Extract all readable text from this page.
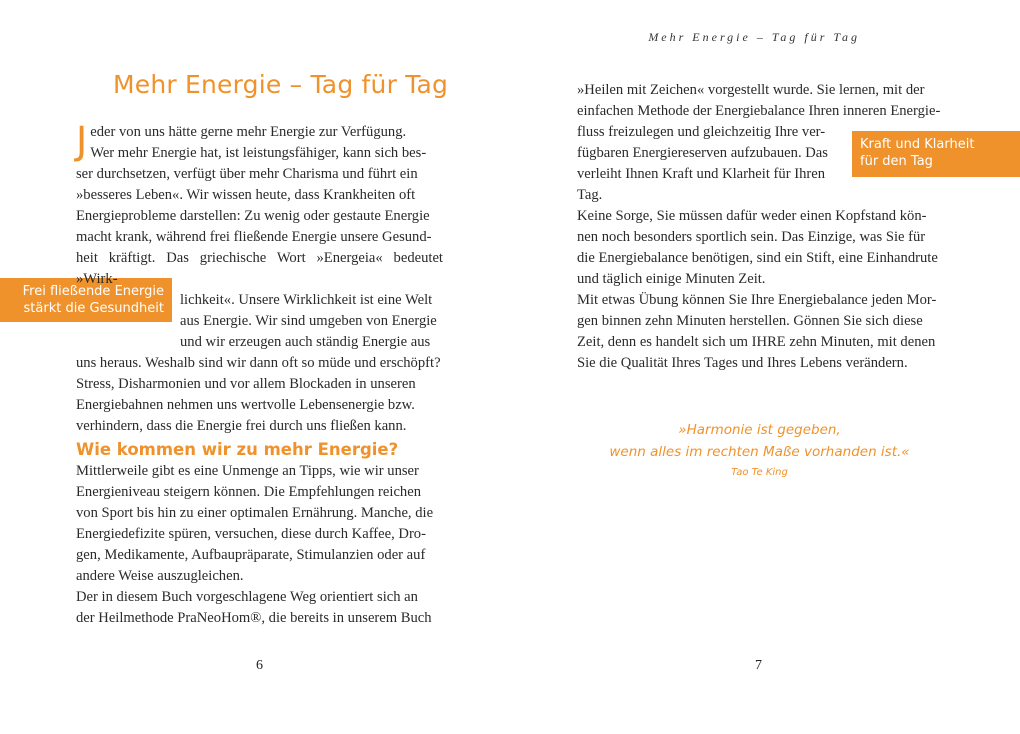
Mehr Energie – Tag für Tag
Frei fließende Energie
stärkt die Gesundheit
J eder von uns hätte gerne mehr Energie zur Verfügung.
Wer mehr Energie hat, ist leistungsfähiger, kann sich bes-
ser durchsetzen, verfügt über mehr Charisma und führt ein
»besseres Leben«. Wir wissen heute, dass Krankheiten oft
Energieprobleme darstellen: Zu wenig oder gestaute Energie
macht krank, während frei fließende Energie unsere Gesund-
heit kräftigt. Das griechische Wort »Energeia« bedeutet »Wirk-
lichkeit«. Unsere Wirklichkeit ist eine Welt
aus Energie. Wir sind umgeben von Energie
und wir erzeugen auch ständig Energie aus
uns heraus. Weshalb sind wir dann oft so müde und erschöpft?
Stress, Disharmonien und vor allem Blockaden in unseren
Energiebahnen nehmen uns wertvolle Lebensenergie bzw.
verhindern, dass die Energie frei durch uns fließen kann.
Wie kommen wir zu mehr Energie?
Mittlerweile gibt es eine Unmenge an Tipps, wie wir unser
Energieniveau steigern können. Die Empfehlungen reichen
von Sport bis hin zu einer optimalen Ernährung. Manche, die
Energiedefizite spüren, versuchen, diese durch Kaffee, Dro-
gen, Medikamente, Aufbaupräparate, Stimulanzien oder auf
andere Weise auszugleichen.
Der in diesem Buch vorgeschlagene Weg orientiert sich an
der Heilmethode PraNeoHom®, die bereits in unserem Buch
6
Mehr Energie – Tag für Tag
Kraft und Klarheit
für den Tag
»Heilen mit Zeichen« vorgestellt wurde. Sie lernen, mit der
einfachen Methode der Energiebalance Ihren inneren Energie-
fluss freizulegen und gleichzeitig Ihre ver-
fügbaren Energiereserven aufzubauen. Das
verleiht Ihnen Kraft und Klarheit für Ihren
Tag.
Keine Sorge, Sie müssen dafür weder einen Kopfstand kön-
nen noch besonders sportlich sein. Das Einzige, was Sie für
die Energiebalance benötigen, sind ein Stift, eine Einhandrute
und täglich einige Minuten Zeit.
Mit etwas Übung können Sie Ihre Energiebalance jeden Mor-
gen binnen zehn Minuten herstellen. Gönnen Sie sich diese
Zeit, denn es handelt sich um IHRE zehn Minuten, mit denen
Sie die Qualität Ihres Tages und Ihres Lebens verändern.
»Harmonie ist gegeben,
wenn alles im rechten Maße vorhanden ist.«
Tao Te King
7
